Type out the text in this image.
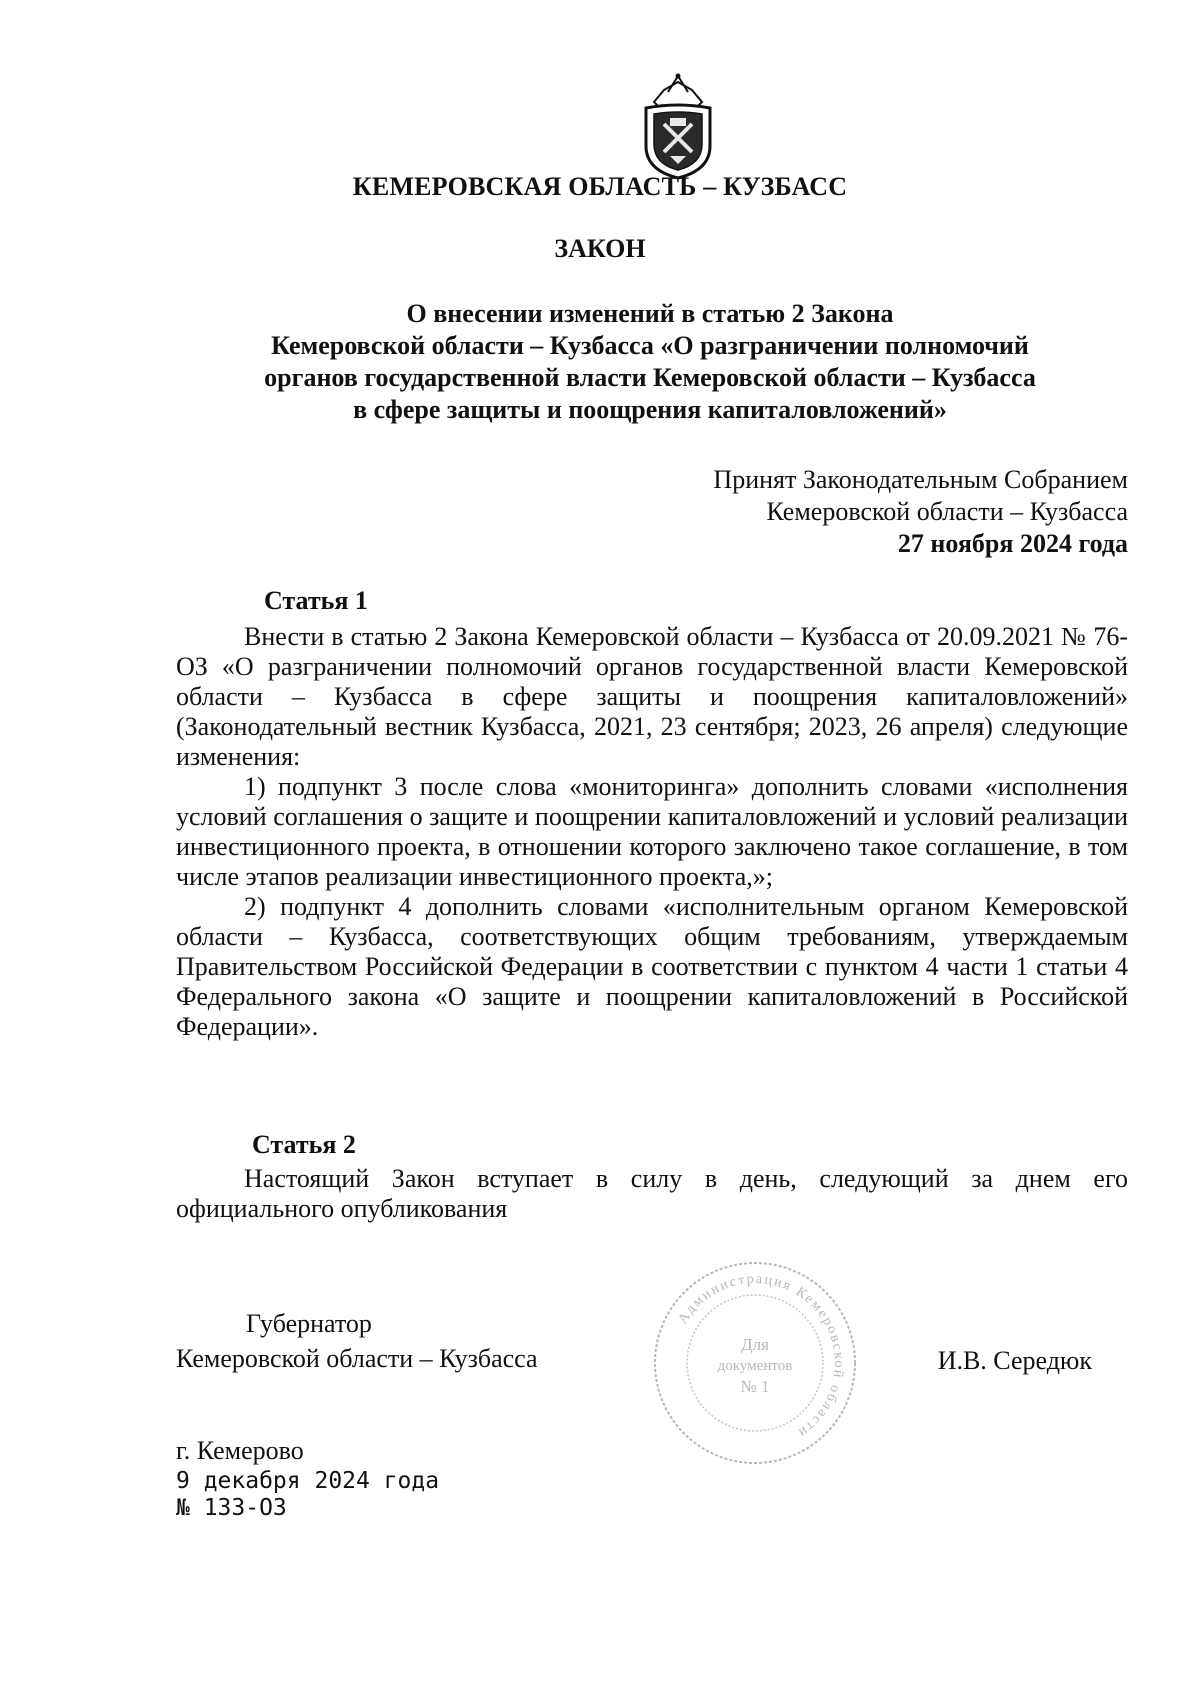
КЕМЕРОВСКАЯ ОБЛАСТЬ – КУЗБАСС
ЗАКОН
О внесении изменений в статью 2 Закона
Кемеровской области – Кузбасса «О разграничении полномочий
органов государственной власти Кемеровской области – Кузбасса
в сфере защиты и поощрения капиталовложений»
Принят Законодательным Собранием
Кемеровской области – Кузбасса
27 ноября 2024 года
Статья 1

Внести в статью 2 Закона Кемеровской области – Кузбасса от 20.09.2021 № 76-ОЗ «О разграничении полномочий органов государственной власти Кемеровской области – Кузбасса в сфере защиты и поощрения капиталовложений» (Законодательный вестник Кузбасса, 2021, 23 сентября; 2023, 26 апреля) следующие изменения:

1) подпункт 3 после слова «мониторинга» дополнить словами «исполнения условий соглашения о защите и поощрении капиталовложений и условий реализации инвестиционного проекта, в отношении которого заключено такое соглашение, в том числе этапов реализации инвестиционного проекта,»;

2) подпункт 4 дополнить словами «исполнительным органом Кемеровской области – Кузбасса, соответствующих общим требованиям, утверждаемым Правительством Российской Федерации в соответствии с пунктом 4 части 1 статьи 4 Федерального закона «О защите и поощрении капиталовложений в Российской Федерации».

Статья 2

Настоящий Закон вступает в силу в день, следующий за днем его официального опубликования

Администрация Кемеровской области
Для
документов
№ 1
Губернатор
Кемеровской области – Кузбасса	И.В. Середюк
г. Кемерово
9 декабря 2024 года
№ 133-ОЗ
